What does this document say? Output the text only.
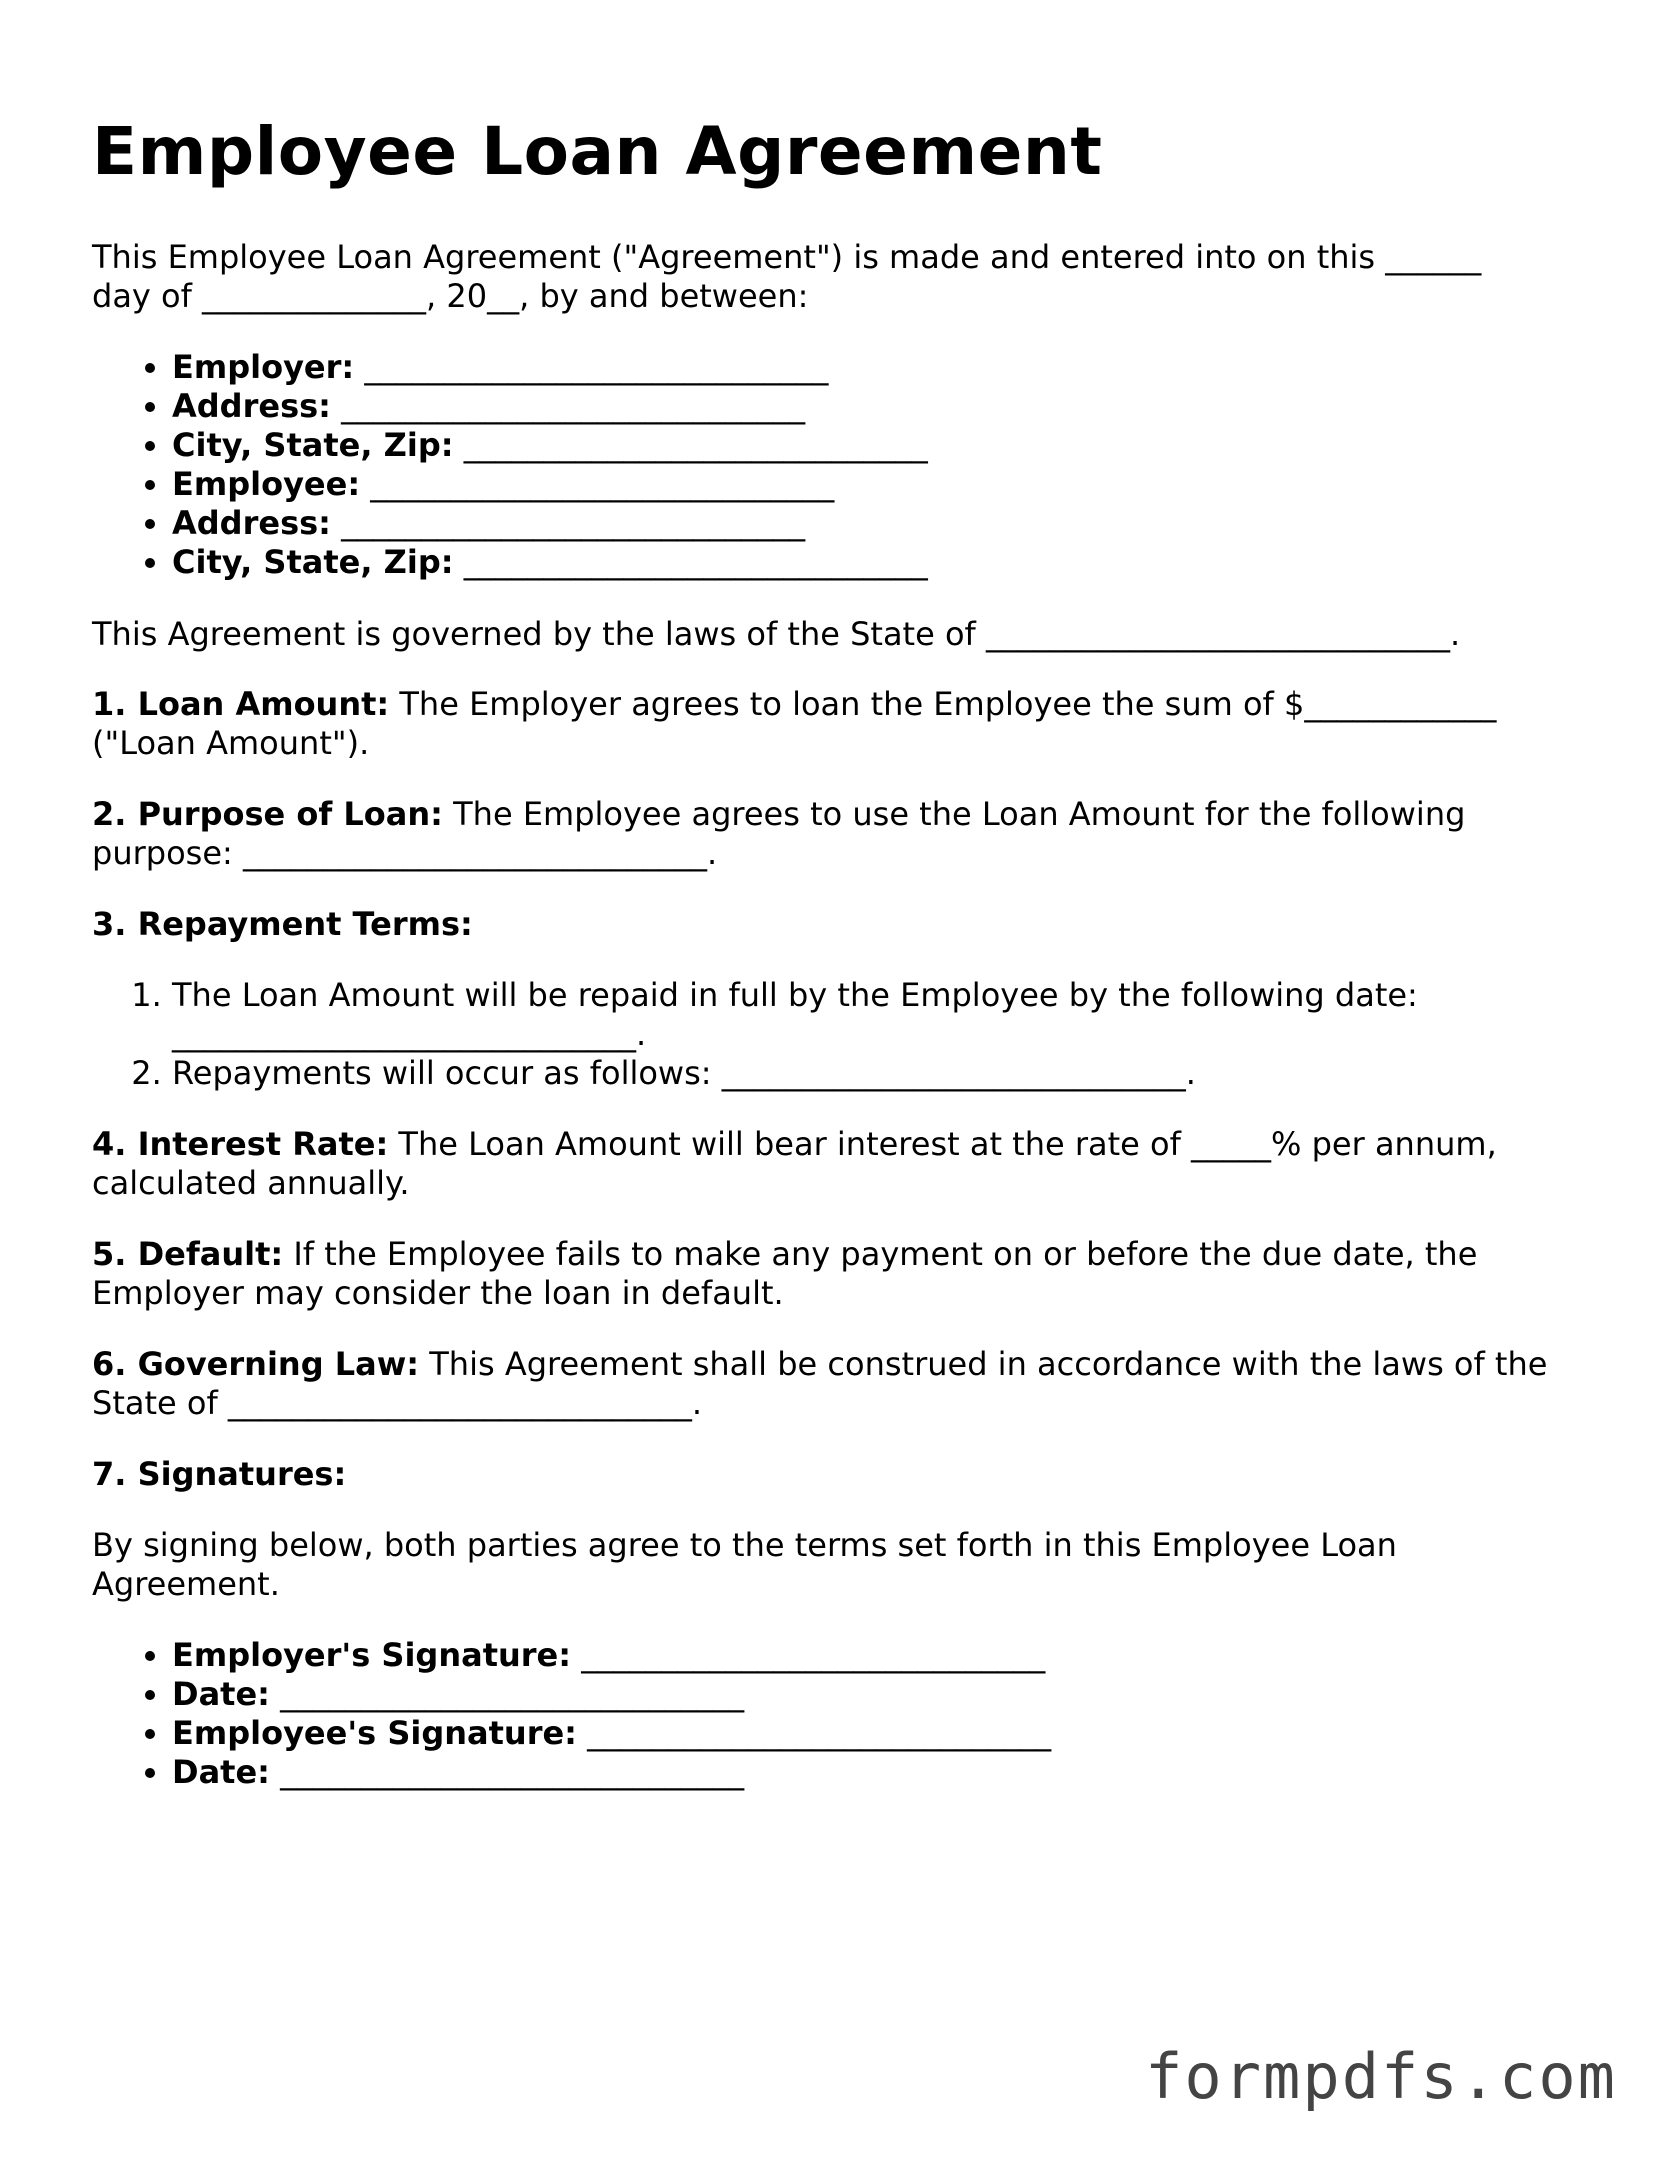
Employee Loan Agreement
This Employee Loan Agreement ("Agreement") is made and entered into on this ______
day of ______________, 20__, by and between:
• Employer: _____________________________
• Address: _____________________________
• City, State, Zip: _____________________________
• Employee: _____________________________
• Address: _____________________________
• City, State, Zip: _____________________________
This Agreement is governed by the laws of the State of _____________________________.
1. Loan Amount: The Employer agrees to loan the Employee the sum of $____________
("Loan Amount").
2. Purpose of Loan: The Employee agrees to use the Loan Amount for the following
purpose: _____________________________.
3. Repayment Terms:
1. The Loan Amount will be repaid in full by the Employee by the following date:
_____________________________.
2. Repayments will occur as follows: _____________________________.
4. Interest Rate: The Loan Amount will bear interest at the rate of _____% per annum,
calculated annually.
5. Default: If the Employee fails to make any payment on or before the due date, the
Employer may consider the loan in default.
6. Governing Law: This Agreement shall be construed in accordance with the laws of the
State of _____________________________.
7. Signatures:
By signing below, both parties agree to the terms set forth in this Employee Loan
Agreement.
• Employer's Signature: _____________________________
• Date: _____________________________
• Employee's Signature: _____________________________
• Date: _____________________________
formpdfs.com
